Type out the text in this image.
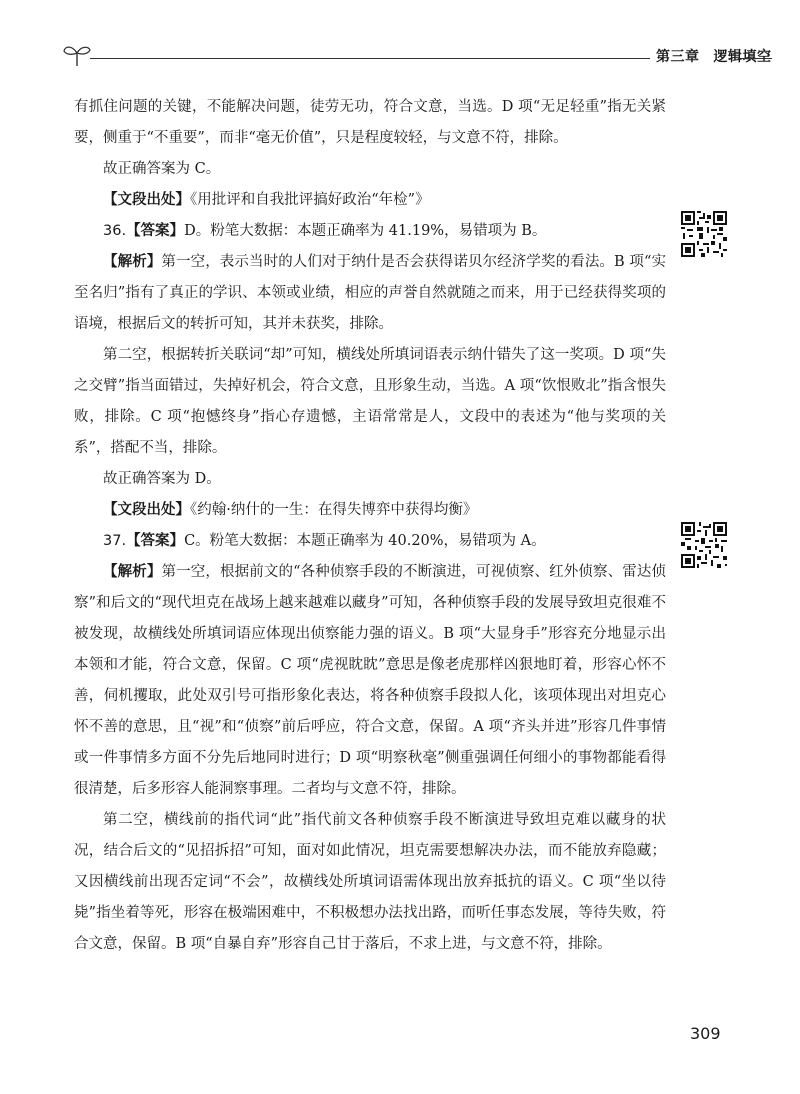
第三章 逻辑填空

有抓住问题的关键，不能解决问题，徒劳无功，符合文意，当选。D 项“无足轻重”指无关紧要，侧重于“不重要”，而非“毫无价值”，只是程度较轻，与文意不符，排除。

故正确答案为 C。

【文段出处】《用批评和自我批评搞好政治“年检”》

36.【答案】D。粉笔大数据：本题正确率为 41.19%，易错项为 B。

【解析】第一空，表示当时的人们对于纳什是否会获得诺贝尔经济学奖的看法。B 项“实至名归”指有了真正的学识、本领或业绩，相应的声誉自然就随之而来，用于已经获得奖项的语境，根据后文的转折可知，其并未获奖，排除。

第二空，根据转折关联词“却”可知，横线处所填词语表示纳什错失了这一奖项。D 项“失之交臂”指当面错过，失掉好机会，符合文意，且形象生动，当选。A 项“饮恨败北”指含恨失败，排除。C 项“抱憾终身”指心存遗憾，主语常常是人，文段中的表述为“他与奖项的关系”，搭配不当，排除。

故正确答案为 D。

【文段出处】《约翰·纳什的一生：在得失博弈中获得均衡》

37.【答案】C。粉笔大数据：本题正确率为 40.20%，易错项为 A。

【解析】第一空，根据前文的“各种侦察手段的不断演进，可视侦察、红外侦察、雷达侦察”和后文的“现代坦克在战场上越来越难以藏身”可知，各种侦察手段的发展导致坦克很难不被发现，故横线处所填词语应体现出侦察能力强的语义。B 项“大显身手”形容充分地显示出本领和才能，符合文意，保留。C 项“虎视眈眈”意思是像老虎那样凶狠地盯着，形容心怀不善，伺机攫取，此处双引号可指形象化表达，将各种侦察手段拟人化，该项体现出对坦克心怀不善的意思，且“视”和“侦察”前后呼应，符合文意，保留。A 项“齐头并进”形容几件事情或一件事情多方面不分先后地同时进行；D 项“明察秋毫”侧重强调任何细小的事物都能看得很清楚，后多形容人能洞察事理。二者均与文意不符，排除。

第二空，横线前的指代词“此”指代前文各种侦察手段不断演进导致坦克难以藏身的状况，结合后文的“见招拆招”可知，面对如此情况，坦克需要想解决办法，而不能放弃隐藏；又因横线前出现否定词“不会”，故横线处所填词语需体现出放弃抵抗的语义。C 项“坐以待毙”指坐着等死，形容在极端困难中，不积极想办法找出路，而听任事态发展，等待失败，符合文意，保留。B 项“自暴自弃”形容自己甘于落后，不求上进，与文意不符，排除。

309
